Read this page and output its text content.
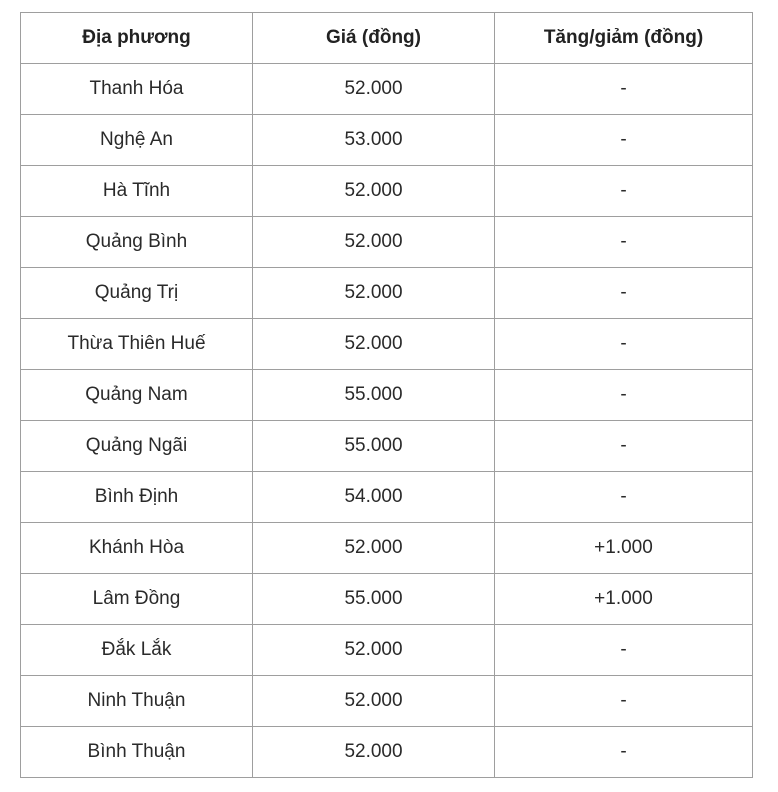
Địa phương	Giá (đồng)	Tăng/giảm (đồng)
Thanh Hóa	52.000	-
Nghệ An	53.000	-
Hà Tĩnh	52.000	-
Quảng Bình	52.000	-
Quảng Trị	52.000	-
Thừa Thiên Huế	52.000	-
Quảng Nam	55.000	-
Quảng Ngãi	55.000	-
Bình Định	54.000	-
Khánh Hòa	52.000	+1.000
Lâm Đồng	55.000	+1.000
Đắk Lắk	52.000	-
Ninh Thuận	52.000	-
Bình Thuận	52.000	-
